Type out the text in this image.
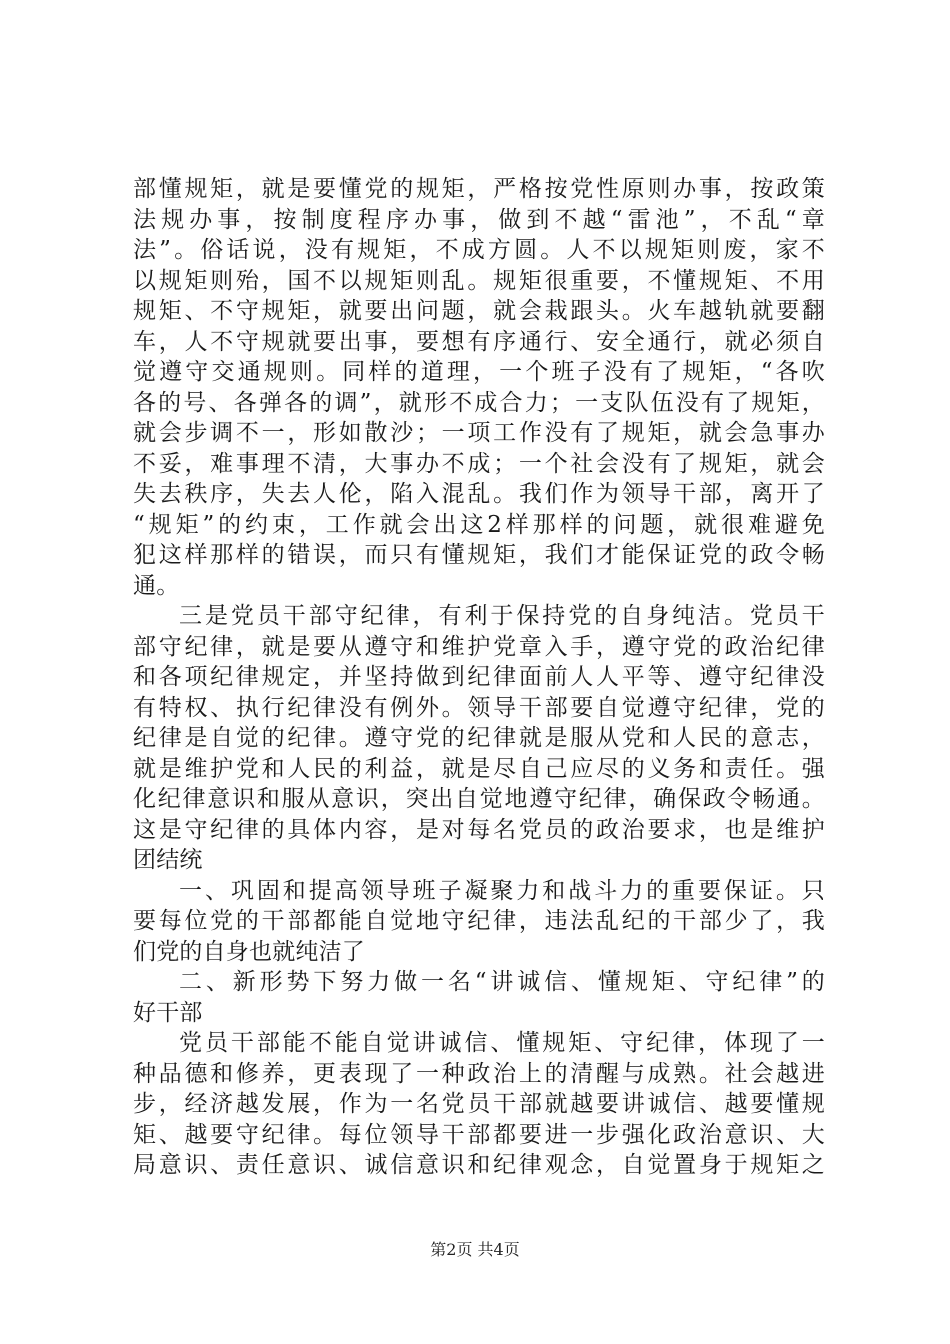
部懂规矩，就是要懂党的规矩，严格按党性原则办事，按政策
法规办事，按制度程序办事，做到不越“雷池”，不乱“章
法”。俗话说，没有规矩，不成方圆。人不以规矩则废，家不
以规矩则殆，国不以规矩则乱。规矩很重要，不懂规矩、不用
规矩、不守规矩，就要出问题，就会栽跟头。火车越轨就要翻
车，人不守规就要出事，要想有序通行、安全通行，就必须自
觉遵守交通规则。同样的道理，一个班子没有了规矩，“各吹
各的号、各弹各的调”，就形不成合力；一支队伍没有了规矩，
就会步调不一，形如散沙；一项工作没有了规矩，就会急事办
不妥，难事理不清，大事办不成；一个社会没有了规矩，就会
失去秩序，失去人伦，陷入混乱。我们作为领导干部，离开了
“规矩”的约束，工作就会出这2样那样的问题，就很难避免
犯这样那样的错误，而只有懂规矩，我们才能保证党的政令畅
通。
三是党员干部守纪律，有利于保持党的自身纯洁。党员干
部守纪律，就是要从遵守和维护党章入手，遵守党的政治纪律
和各项纪律规定，并坚持做到纪律面前人人平等、遵守纪律没
有特权、执行纪律没有例外。领导干部要自觉遵守纪律，党的
纪律是自觉的纪律。遵守党的纪律就是服从党和人民的意志，
就是维护党和人民的利益，就是尽自己应尽的义务和责任。强
化纪律意识和服从意识，突出自觉地遵守纪律，确保政令畅通。
这是守纪律的具体内容，是对每名党员的政治要求，也是维护
团结统
一、巩固和提高领导班子凝聚力和战斗力的重要保证。只
要每位党的干部都能自觉地守纪律，违法乱纪的干部少了，我
们党的自身也就纯洁了
二、新形势下努力做一名“讲诚信、懂规矩、守纪律”的
好干部
党员干部能不能自觉讲诚信、懂规矩、守纪律，体现了一
种品德和修养，更表现了一种政治上的清醒与成熟。社会越进
步，经济越发展，作为一名党员干部就越要讲诚信、越要懂规
矩、越要守纪律。每位领导干部都要进一步强化政治意识、大
局意识、责任意识、诚信意识和纪律观念，自觉置身于规矩之
第2页 共4页
